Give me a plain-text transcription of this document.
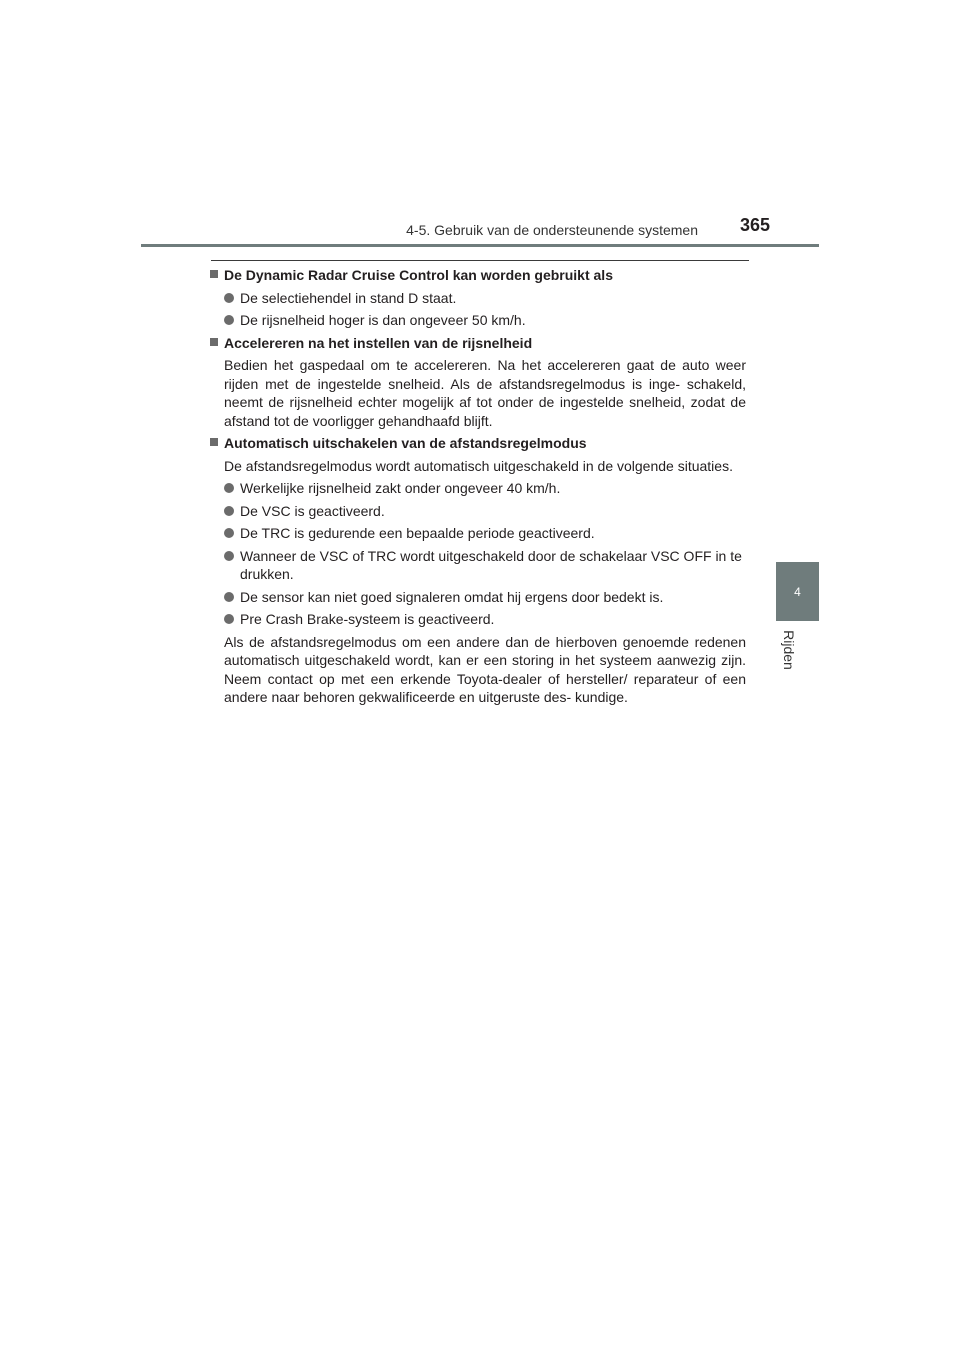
4-5. Gebruik van de ondersteunende systemen 365
4
Rijden
De Dynamic Radar Cruise Control kan worden gebruikt als
De selectiehendel in stand D staat.
De rijsnelheid hoger is dan ongeveer 50 km/h.
Accelereren na het instellen van de rijsnelheid
Bedien het gaspedaal om te accelereren. Na het accelereren gaat de auto weer rijden met de ingestelde snelheid. Als de afstandsregelmodus is inge- schakeld, neemt de rijsnelheid echter mogelijk af tot onder de ingestelde snelheid, zodat de afstand tot de voorligger gehandhaafd blijft.
Automatisch uitschakelen van de afstandsregelmodus
De afstandsregelmodus wordt automatisch uitgeschakeld in de volgende situaties.
Werkelijke rijsnelheid zakt onder ongeveer 40 km/h.
De VSC is geactiveerd.
De TRC is gedurende een bepaalde periode geactiveerd.
Wanneer de VSC of TRC wordt uitgeschakeld door de schakelaar VSC OFF in te drukken.
De sensor kan niet goed signaleren omdat hij ergens door bedekt is.
Pre Crash Brake-systeem is geactiveerd.
Als de afstandsregelmodus om een andere dan de hierboven genoemde redenen automatisch uitgeschakeld wordt, kan er een storing in het systeem aanwezig zijn. Neem contact op met een erkende Toyota-dealer of hersteller/ reparateur of een andere naar behoren gekwalificeerde en uitgeruste des- kundige.
